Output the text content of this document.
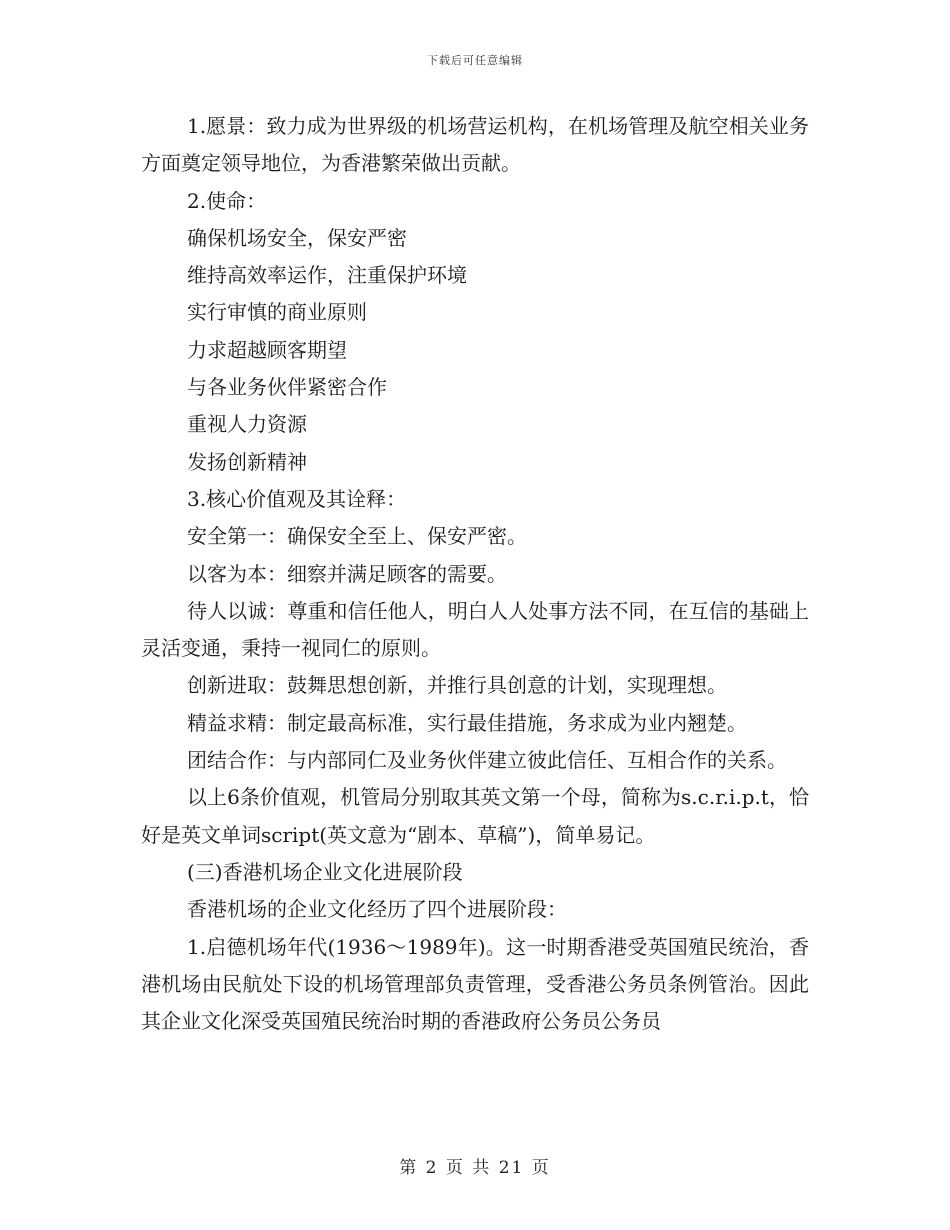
下载后可任意编辑

1.愿景：致力成为世界级的机场营运机构，在机场管理及航空相关业务方面奠定领导地位，为香港繁荣做出贡献。

2.使命：

确保机场安全，保安严密

维持高效率运作，注重保护环境

实行审慎的商业原则

力求超越顾客期望

与各业务伙伴紧密合作

重视人力资源

发扬创新精神

3.核心价值观及其诠释：

安全第一：确保安全至上、保安严密。

以客为本：细察并满足顾客的需要。

待人以诚：尊重和信任他人，明白人人处事方法不同，在互信的基础上灵活变通，秉持一视同仁的原则。

创新进取：鼓舞思想创新，并推行具创意的计划，实现理想。

精益求精：制定最高标准，实行最佳措施，务求成为业内翘楚。

团结合作：与内部同仁及业务伙伴建立彼此信任、互相合作的关系。

以上6条价值观，机管局分别取其英文第一个母，简称为s.c.r.i.p.t，恰好是英文单词script(英文意为“剧本、草稿”)，简单易记。

(三)香港机场企业文化进展阶段

香港机场的企业文化经历了四个进展阶段：

1.启德机场年代(1936～1989年)。这一时期香港受英国殖民统治，香港机场由民航处下设的机场管理部负责管理，受香港公务员条例管治。因此其企业文化深受英国殖民统治时期的香港政府公务员公务员

第 2 页 共 21 页
